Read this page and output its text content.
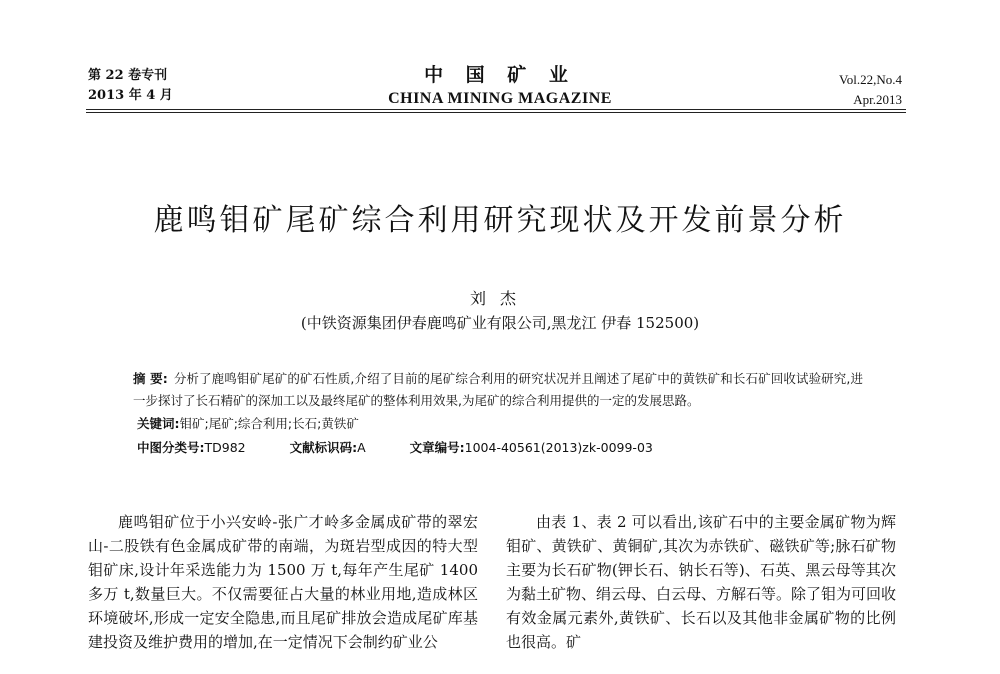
第 22 卷专刊
2013 年 4 月
中 国 矿 业
CHINA MINING MAGAZINE
Vol.22,No.4
Apr.2013
鹿鸣钼矿尾矿综合利用研究现状及开发前景分析
刘杰
(中铁资源集团伊春鹿鸣矿业有限公司,黑龙江 伊春 152500)

摘 要: 分析了鹿鸣钼矿尾矿的矿石性质,介绍了目前的尾矿综合利用的研究状况并且阐述了尾矿中的黄铁矿和长石矿回收试验研究,进一步探讨了长石精矿的深加工以及最终尾矿的整体利用效果,为尾矿的综合利用提供的一定的发展思路。

关键词:钼矿;尾矿;综合利用;长石;黄铁矿
中图分类号:TD982	文献标识码:A	文章编号:1004-40561(2013)zk-0099-03

鹿鸣钼矿位于小兴安岭-张广才岭多金属成矿带的翠宏山-二股铁有色金属成矿带的南端，为斑岩型成因的特大型钼矿床,设计年采选能力为 1500 万 t,每年产生尾矿 1400 多万 t,数量巨大。不仅需要征占大量的林业用地,造成林区环境破坏,形成一定安全隐患,而且尾矿排放会造成尾矿库基建投资及维护费用的增加,在一定情况下会制约矿业公

由表 1、表 2 可以看出,该矿石中的主要金属矿物为辉钼矿、黄铁矿、黄铜矿,其次为赤铁矿、磁铁矿等;脉石矿物主要为长石矿物(钾长石、钠长石等)、石英、黑云母等其次为黏土矿物、绢云母、白云母、方解石等。除了钼为可回收有效金属元素外,黄铁矿、长石以及其他非金属矿物的比例也很高。矿
